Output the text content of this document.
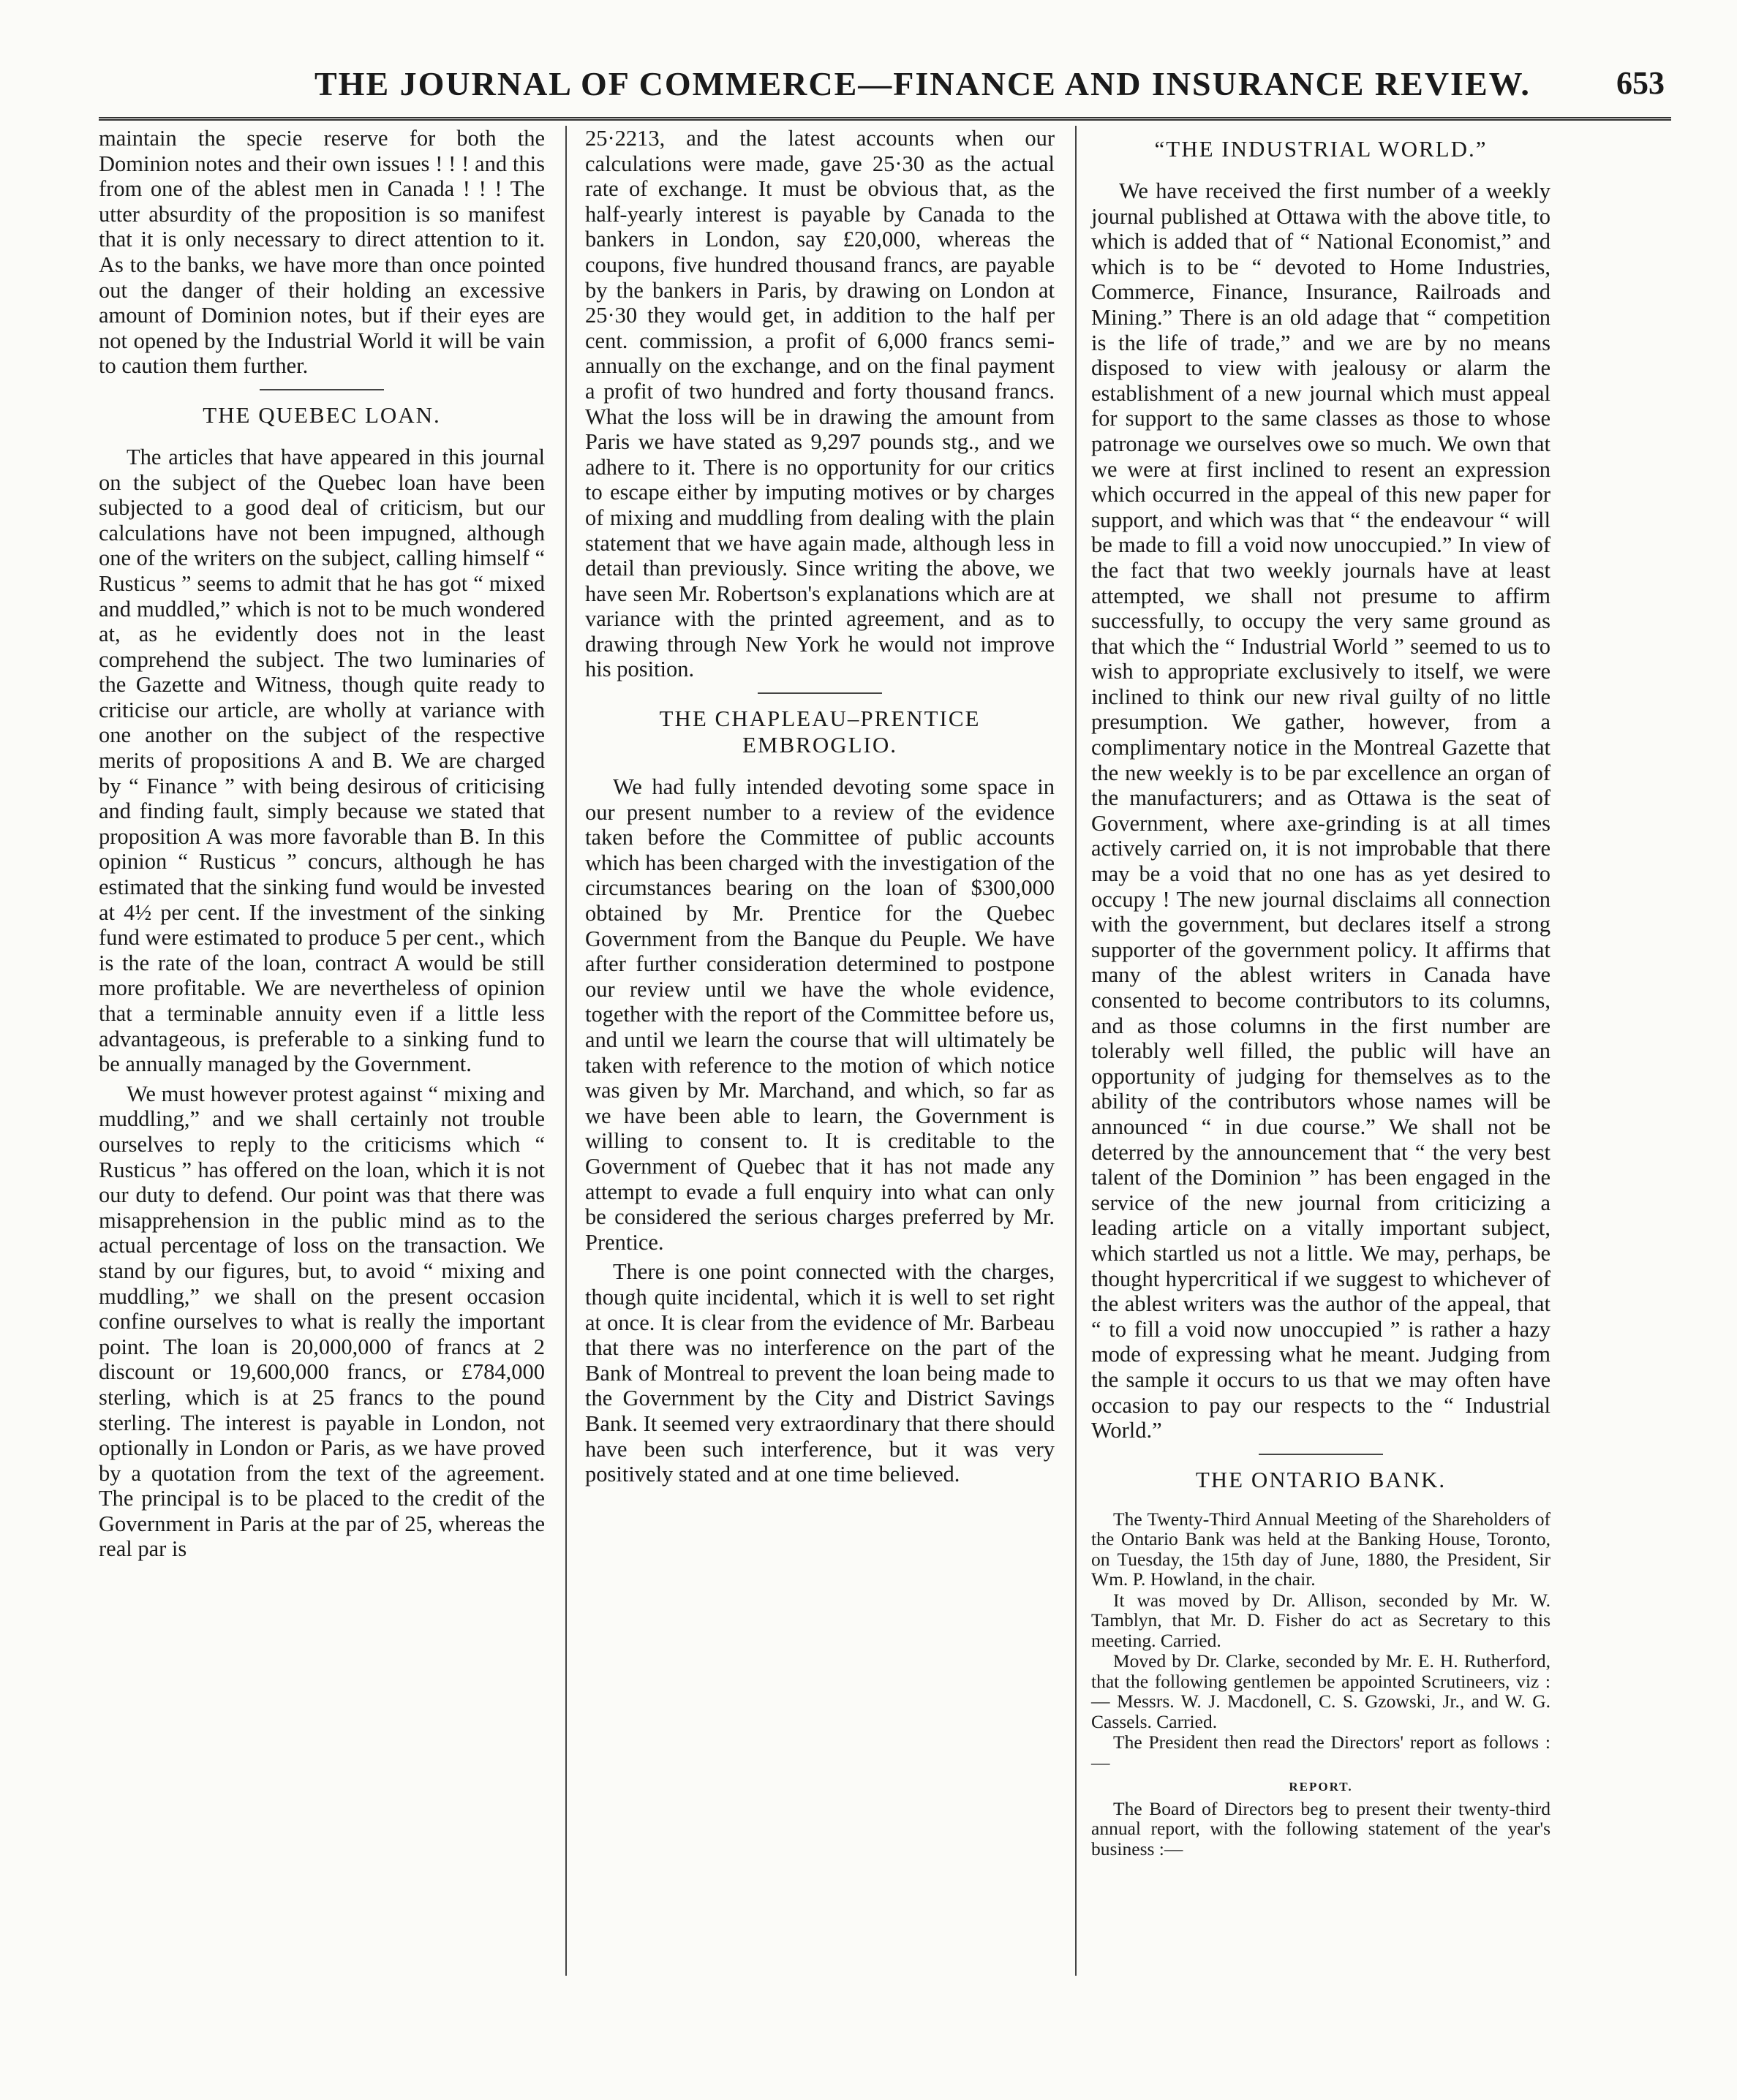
THE JOURNAL OF COMMERCE—FINANCE AND INSURANCE REVIEW.	653

maintain the specie reserve for both the Dominion notes and their own issues ! ! ! and this from one of the ablest men in Canada ! ! ! The utter absurdity of the proposition is so manifest that it is only necessary to direct attention to it. As to the banks, we have more than once pointed out the danger of their holding an excessive amount of Dominion notes, but if their eyes are not opened by the Industrial World it will be vain to caution them further.

THE QUEBEC LOAN.

The articles that have appeared in this journal on the subject of the Quebec loan have been subjected to a good deal of criticism, but our calculations have not been impugned, although one of the writers on the subject, calling himself “ Rusticus ” seems to admit that he has got “ mixed and muddled,” which is not to be much wondered at, as he evidently does not in the least comprehend the subject. The two luminaries of the Gazette and Witness, though quite ready to criticise our article, are wholly at variance with one another on the subject of the respective merits of propositions A and B. We are charged by “ Finance ” with being desirous of criticising and finding fault, simply because we stated that proposition A was more favorable than B. In this opinion “ Rusticus ” concurs, although he has estimated that the sinking fund would be invested at 4½ per cent. If the investment of the sinking fund were estimated to produce 5 per cent., which is the rate of the loan, contract A would be still more profitable. We are nevertheless of opinion that a terminable annuity even if a little less advantageous, is preferable to a sinking fund to be annually managed by the Government.

We must however protest against “ mixing and muddling,” and we shall certainly not trouble ourselves to reply to the criticisms which “ Rusticus ” has offered on the loan, which it is not our duty to defend. Our point was that there was misapprehension in the public mind as to the actual percentage of loss on the transaction. We stand by our figures, but, to avoid “ mixing and muddling,” we shall on the present occasion confine ourselves to what is really the important point. The loan is 20,000,000 of francs at 2 discount or 19,600,000 francs, or £784,000 sterling, which is at 25 francs to the pound sterling. The interest is payable in London, not optionally in London or Paris, as we have proved by a quotation from the text of the agreement. The principal is to be placed to the credit of the Government in Paris at the par of 25, whereas the real par is

25·2213, and the latest accounts when our calculations were made, gave 25·30 as the actual rate of exchange. It must be obvious that, as the half-yearly interest is payable by Canada to the bankers in London, say £20,000, whereas the coupons, five hundred thousand francs, are payable by the bankers in Paris, by drawing on London at 25·30 they would get, in addition to the half per cent. commission, a profit of 6,000 francs semi-annually on the exchange, and on the final payment a profit of two hundred and forty thousand francs. What the loss will be in drawing the amount from Paris we have stated as 9,297 pounds stg., and we adhere to it. There is no opportunity for our critics to escape either by imputing motives or by charges of mixing and muddling from dealing with the plain statement that we have again made, although less in detail than previously. Since writing the above, we have seen Mr. Robertson's explanations which are at variance with the printed agreement, and as to drawing through New York he would not improve his position.

THE CHAPLEAU–PRENTICE EMBROGLIO.

We had fully intended devoting some space in our present number to a review of the evidence taken before the Committee of public accounts which has been charged with the investigation of the circumstances bearing on the loan of $300,000 obtained by Mr. Prentice for the Quebec Government from the Banque du Peuple. We have after further consideration determined to postpone our review until we have the whole evidence, together with the report of the Committee before us, and until we learn the course that will ultimately be taken with reference to the motion of which notice was given by Mr. Marchand, and which, so far as we have been able to learn, the Government is willing to consent to. It is creditable to the Government of Quebec that it has not made any attempt to evade a full enquiry into what can only be considered the serious charges preferred by Mr. Prentice.

There is one point connected with the charges, though quite incidental, which it is well to set right at once. It is clear from the evidence of Mr. Barbeau that there was no interference on the part of the Bank of Montreal to prevent the loan being made to the Government by the City and District Savings Bank. It seemed very extraordinary that there should have been such interference, but it was very positively stated and at one time believed.

“THE INDUSTRIAL WORLD.”

We have received the first number of a weekly journal published at Ottawa with the above title, to which is added that of “ National Economist,” and which is to be “ devoted to Home Industries, Commerce, Finance, Insurance, Railroads and Mining.” There is an old adage that “ competition is the life of trade,” and we are by no means disposed to view with jealousy or alarm the establishment of a new journal which must appeal for support to the same classes as those to whose patronage we ourselves owe so much. We own that we were at first inclined to resent an expression which occurred in the appeal of this new paper for support, and which was that “ the endeavour “ will be made to fill a void now unoccupied.” In view of the fact that two weekly journals have at least attempted, we shall not presume to affirm successfully, to occupy the very same ground as that which the “ Industrial World ” seemed to us to wish to appropriate exclusively to itself, we were inclined to think our new rival guilty of no little presumption. We gather, however, from a complimentary notice in the Montreal Gazette that the new weekly is to be par excellence an organ of the manufacturers; and as Ottawa is the seat of Government, where axe-grinding is at all times actively carried on, it is not improbable that there may be a void that no one has as yet desired to occupy ! The new journal disclaims all connection with the government, but declares itself a strong supporter of the government policy. It affirms that many of the ablest writers in Canada have consented to become contributors to its columns, and as those columns in the first number are tolerably well filled, the public will have an opportunity of judging for themselves as to the ability of the contributors whose names will be announced “ in due course.” We shall not be deterred by the announcement that “ the very best talent of the Dominion ” has been engaged in the service of the new journal from criticizing a leading article on a vitally important subject, which startled us not a little. We may, perhaps, be thought hypercritical if we suggest to whichever of the ablest writers was the author of the appeal, that “ to fill a void now unoccupied ” is rather a hazy mode of expressing what he meant. Judging from the sample it occurs to us that we may often have occasion to pay our respects to the “ Industrial World.”

THE ONTARIO BANK.

The Twenty-Third Annual Meeting of the Shareholders of the Ontario Bank was held at the Banking House, Toronto, on Tuesday, the 15th day of June, 1880, the President, Sir Wm. P. Howland, in the chair.

It was moved by Dr. Allison, seconded by Mr. W. Tamblyn, that Mr. D. Fisher do act as Secretary to this meeting. Carried.

Moved by Dr. Clarke, seconded by Mr. E. H. Rutherford, that the following gentlemen be appointed Scrutineers, viz :— Messrs. W. J. Macdonell, C. S. Gzowski, Jr., and W. G. Cassels. Carried.

The President then read the Directors' report as follows :—

REPORT.

The Board of Directors beg to present their twenty-third annual report, with the following statement of the year's business :—
